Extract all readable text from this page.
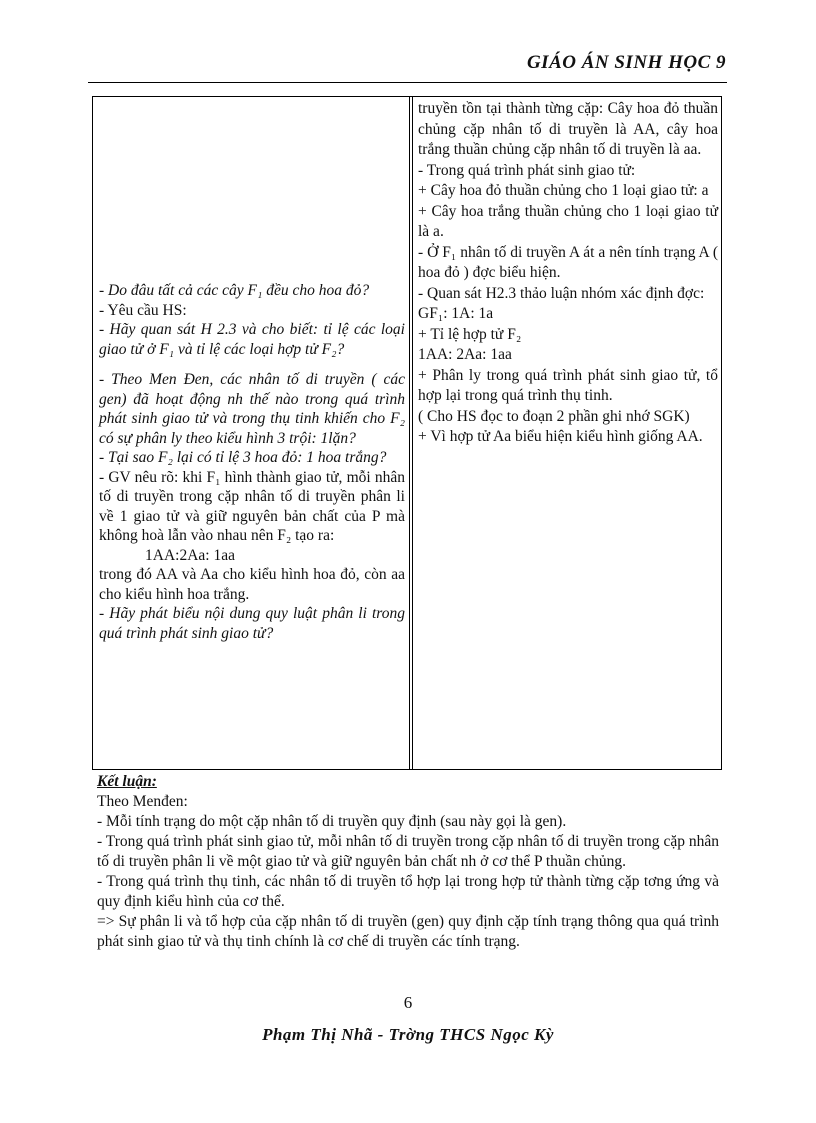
GIÁO ÁN SINH HỌC 9

- Do đâu tất cả các cây F₁ đều cho hoa đỏ?

- Yêu cầu HS:

- Hãy quan sát H 2.3 và cho biết: tỉ lệ các loại giao tử ở F₁ và tỉ lệ các loại hợp tử F₂?

- Theo Men Đen, các nhân tố di truyền ( các gen) đã hoạt động nh thế nào trong quá trình phát sinh giao tử và trong thụ tinh khiến cho F₂ có sự phân ly theo kiểu hình 3 trội: 1lặn?

- Tại sao F₂ lại có tỉ lệ 3 hoa đỏ: 1 hoa trắng?

- GV nêu rõ: khi F₁ hình thành giao tử, mỗi nhân tố di truyền trong cặp nhân tố di truyền phân li về 1 giao tử và giữ nguyên bản chất của P mà không hoà lẫn vào nhau nên F₂ tạo ra:

1AA:2Aa: 1aa

trong đó AA và Aa cho kiểu hình hoa đỏ, còn aa cho kiểu hình hoa trắng.

- Hãy phát biểu nội dung quy luật phân li trong quá trình phát sinh giao tử?

truyền tồn tại thành từng cặp: Cây hoa đỏ thuần chủng cặp nhân tố di truyền là AA, cây hoa trắng thuần chủng cặp nhân tố di truyền là aa.

- Trong quá trình phát sinh giao tử:

+ Cây hoa đỏ thuần chủng cho 1 loại giao tử: a

+ Cây hoa trắng thuần chủng cho 1 loại giao tử là a.

- Ở F₁ nhân tố di truyền A át a nên tính trạng A ( hoa đỏ ) đợc biểu hiện.

- Quan sát H2.3 thảo luận nhóm xác định đợc:

GF₁: 1A: 1a

+ Tỉ lệ hợp tử F₂

1AA: 2Aa: 1aa

+ Phân ly trong quá trình phát sinh giao tử, tổ hợp lại trong quá trình thụ tinh.

( Cho HS đọc to đoạn 2 phần ghi nhớ SGK)

+ Vì hợp tử Aa biểu hiện kiểu hình giống AA.

Kết luận:

Theo Menđen:

- Mỗi tính trạng do một cặp nhân tố di truyền quy định (sau này gọi là gen).

- Trong quá trình phát sinh giao tử, mỗi nhân tố di truyền trong cặp nhân tố di truyền trong cặp nhân tố di truyền phân li về một giao tử và giữ nguyên bản chất nh ở cơ thể P thuần chủng.

- Trong quá trình thụ tinh, các nhân tố di truyền tổ hợp lại trong hợp tử thành từng cặp tơng ứng và quy định kiểu hình của cơ thể.

=> Sự phân li và tổ hợp của cặp nhân tố di truyền (gen) quy định cặp tính trạng thông qua quá trình phát sinh giao tử và thụ tinh chính là cơ chế di truyền các tính trạng.

6
Phạm Thị Nhã - Trờng THCS Ngọc Kỳ
